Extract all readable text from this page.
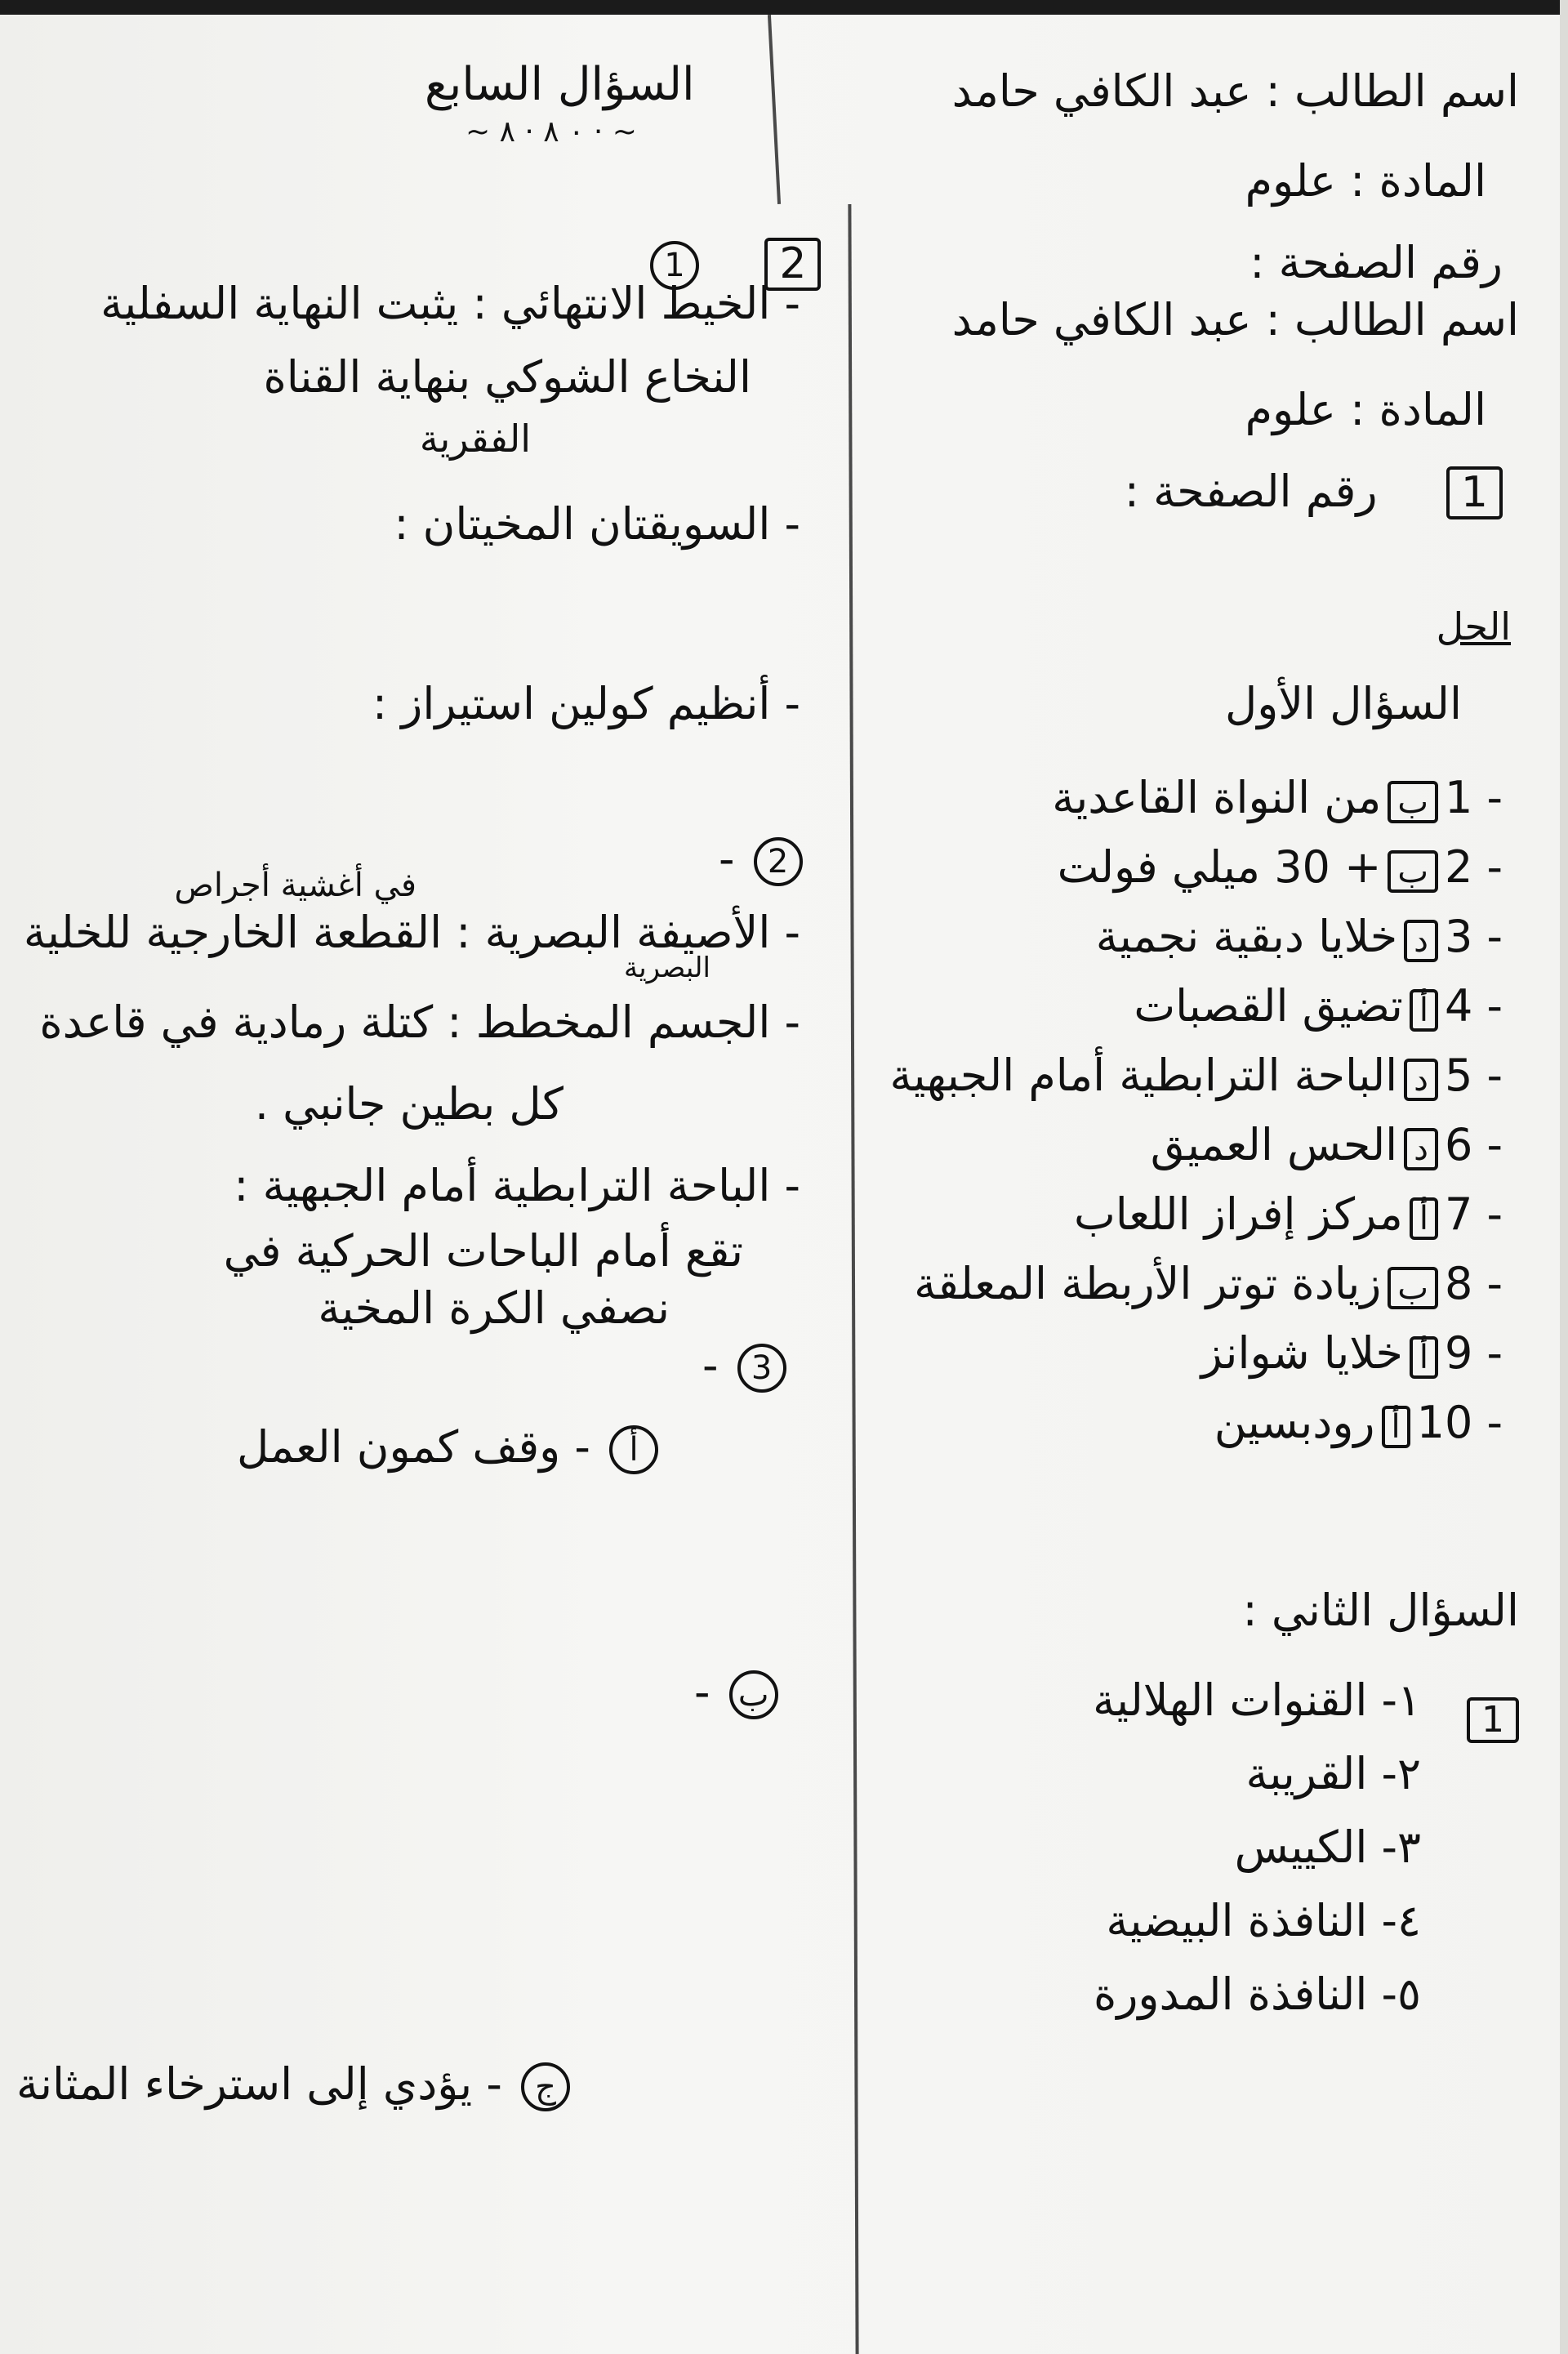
السؤال السابع
~ ٠ ٨ · ٨ · ~
1 2
- الخيط الانتهائي : يثبت النهاية السفلية
النخاع الشوكي بنهاية القناة
الفقرية
- السويقتان المخيتان :
- أنظيم كولين استيراز :
- 2
في أغشية أجراص
- الأصيفة البصرية : القطعة الخارجية للخلية
البصرية
- الجسم المخطط : كتلة رمادية في قاعدة
كل بطين جانبي .
- الباحة الترابطية أمام الجبهية :
تقع أمام الباحات الحركية في
نصفي الكرة المخية
- 3
- وقف كمون العمل أ
- ب
- يؤدي إلى استرخاء المثانة ج
اسم الطالب : عبد الكافي حامد
المادة : علوم
رقم الصفحة :
اسم الطالب : عبد الكافي حامد
المادة : علوم
رقم الصفحة : 1
الحل
السؤال الأول
من النواة القاعدية ب 1 -
+ 30 ميلي فولت ب 2 -
خلايا دبقية نجمية د 3 -
تضيق القصبات أ 4 -
الباحة الترابطية أمام الجبهية د 5 -
الحس العميق د 6 -
مركز إفراز اللعاب أ 7 -
زيادة توتر الأربطة المعلقة ب 8 -
خلايا شوانز أ 9 -
رودبسين أ 10 -
السؤال الثاني :
1
١- القنوات الهلالية
٢- القريبة
٣- الكييس
٤- النافذة البيضية
٥- النافذة المدورة
